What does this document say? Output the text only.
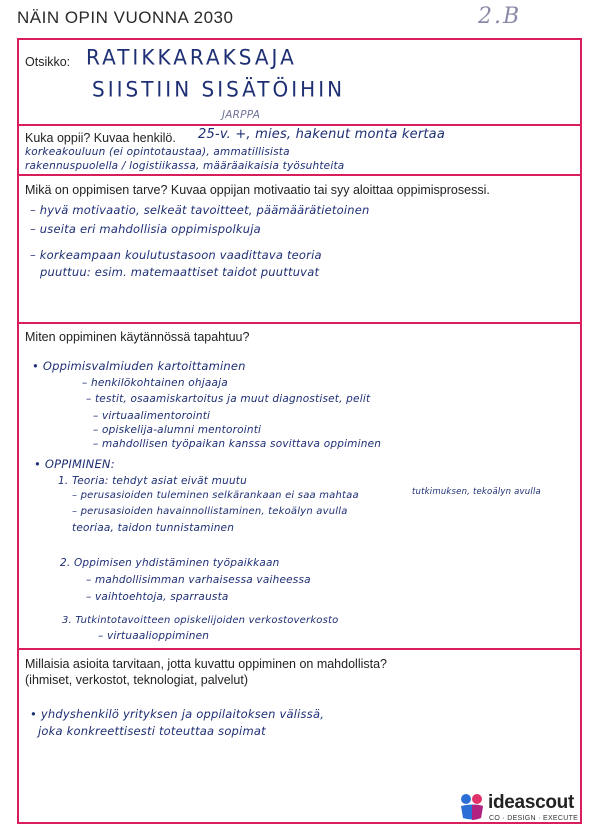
NÄIN OPIN VUONNA 2030	2.B
Otsikko: RATIKKARAKSAJA
SIISTIIN SISÄTÖIHIN
JARPPA
Kuka oppii? Kuvaa henkilö. 25-v. +, mies, hakenut monta kertaa
korkeakouluun (ei opintotaustaa), ammatillisista
rakennuspuolella / logistiikassa, määräaikaisia työsuhteita
Mikä on oppimisen tarve? Kuvaa oppijan motivaatio tai syy aloittaa oppimisprosessi.
– hyvä motivaatio, selkeät tavoitteet, päämäärätietoinen
– useita eri mahdollisia oppimispolkuja
– korkeampaan koulutustasoon vaadittava teoria
puuttuu: esim. matemaattiset taidot puuttuvat
Miten oppiminen käytännössä tapahtuu?
• Oppimisvalmiuden kartoittaminen
– henkilökohtainen ohjaaja
– testit, osaamiskartoitus ja muut diagnostiset, pelit
– virtuaalimentorointi
– opiskelija-alumni mentorointi
– mahdollisen työpaikan kanssa sovittava oppiminen
• OPPIMINEN:
1. Teoria: tehdyt asiat eivät muutu
– perusasioiden tuleminen selkärankaan ei saa mahtaa	tutkimuksen, tekoälyn avulla
– perusasioiden havainnollistaminen, tekoälyn avulla
teoriaa, taidon tunnistaminen
2. Oppimisen yhdistäminen työpaikkaan
– mahdollisimman varhaisessa vaiheessa
– vaihtoehtoja, sparrausta
3. Tutkintotavoitteen opiskelijoiden verkostoverkosto
– virtuaalioppiminen
Millaisia asioita tarvitaan, jotta kuvattu oppiminen on mahdollista?
(ihmiset, verkostot, teknologiat, palvelut)
• yhdyshenkilö yrityksen ja oppilaitoksen välissä,
joka konkreettisesti toteuttaa sopimat
ideascout
CO · DESIGN · EXECUTE
